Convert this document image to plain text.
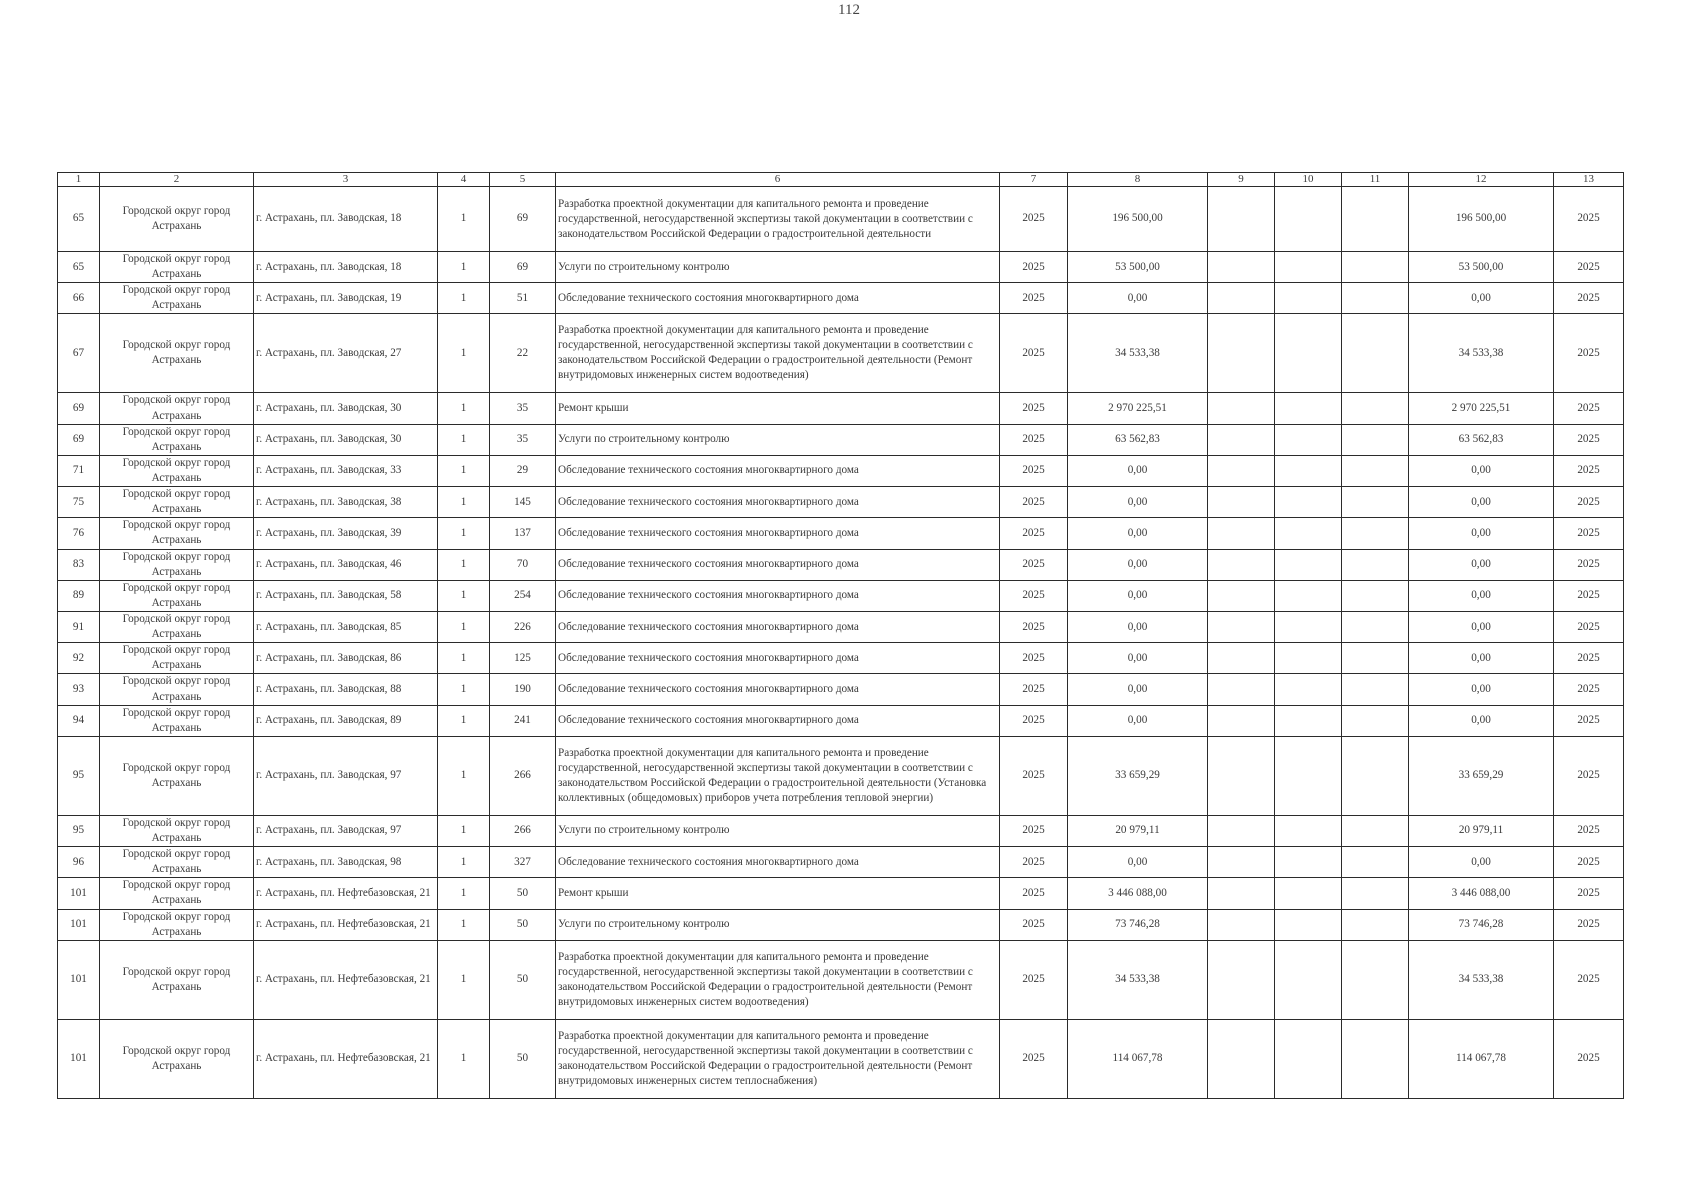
112
1	2	3	4	5	6	7	8	9	10	11	12	13
65	Городской округ город Астрахань	г. Астрахань, пл. Заводская, 18	1	69	Разработка проектной документации для капитального ремонта и проведение государственной, негосударственной экспертизы такой документации в соответствии с законодательством Российской Федерации о градостроительной деятельности	2025	196 500,00				196 500,00	2025
65	Городской округ город Астрахань	г. Астрахань, пл. Заводская, 18	1	69	Услуги по строительному контролю	2025	53 500,00				53 500,00	2025
66	Городской округ город Астрахань	г. Астрахань, пл. Заводская, 19	1	51	Обследование технического состояния многоквартирного дома	2025	0,00				0,00	2025
67	Городской округ город Астрахань	г. Астрахань, пл. Заводская, 27	1	22	Разработка проектной документации для капитального ремонта и проведение государственной, негосударственной экспертизы такой документации в соответствии с законодательством Российской Федерации о градостроительной деятельности (Ремонт внутридомовых инженерных систем водоотведения)	2025	34 533,38				34 533,38	2025
69	Городской округ город Астрахань	г. Астрахань, пл. Заводская, 30	1	35	Ремонт крыши	2025	2 970 225,51				2 970 225,51	2025
69	Городской округ город Астрахань	г. Астрахань, пл. Заводская, 30	1	35	Услуги по строительному контролю	2025	63 562,83				63 562,83	2025
71	Городской округ город Астрахань	г. Астрахань, пл. Заводская, 33	1	29	Обследование технического состояния многоквартирного дома	2025	0,00				0,00	2025
75	Городской округ город Астрахань	г. Астрахань, пл. Заводская, 38	1	145	Обследование технического состояния многоквартирного дома	2025	0,00				0,00	2025
76	Городской округ город Астрахань	г. Астрахань, пл. Заводская, 39	1	137	Обследование технического состояния многоквартирного дома	2025	0,00				0,00	2025
83	Городской округ город Астрахань	г. Астрахань, пл. Заводская, 46	1	70	Обследование технического состояния многоквартирного дома	2025	0,00				0,00	2025
89	Городской округ город Астрахань	г. Астрахань, пл. Заводская, 58	1	254	Обследование технического состояния многоквартирного дома	2025	0,00				0,00	2025
91	Городской округ город Астрахань	г. Астрахань, пл. Заводская, 85	1	226	Обследование технического состояния многоквартирного дома	2025	0,00				0,00	2025
92	Городской округ город Астрахань	г. Астрахань, пл. Заводская, 86	1	125	Обследование технического состояния многоквартирного дома	2025	0,00				0,00	2025
93	Городской округ город Астрахань	г. Астрахань, пл. Заводская, 88	1	190	Обследование технического состояния многоквартирного дома	2025	0,00				0,00	2025
94	Городской округ город Астрахань	г. Астрахань, пл. Заводская, 89	1	241	Обследование технического состояния многоквартирного дома	2025	0,00				0,00	2025
95	Городской округ город Астрахань	г. Астрахань, пл. Заводская, 97	1	266	Разработка проектной документации для капитального ремонта и проведение государственной, негосударственной экспертизы такой документации в соответствии с законодательством Российской Федерации о градостроительной деятельности (Установка коллективных (общедомовых) приборов учета потребления тепловой энергии)	2025	33 659,29				33 659,29	2025
95	Городской округ город Астрахань	г. Астрахань, пл. Заводская, 97	1	266	Услуги по строительному контролю	2025	20 979,11				20 979,11	2025
96	Городской округ город Астрахань	г. Астрахань, пл. Заводская, 98	1	327	Обследование технического состояния многоквартирного дома	2025	0,00				0,00	2025
101	Городской округ город Астрахань	г. Астрахань, пл. Нефтебазовская, 21	1	50	Ремонт крыши	2025	3 446 088,00				3 446 088,00	2025
101	Городской округ город Астрахань	г. Астрахань, пл. Нефтебазовская, 21	1	50	Услуги по строительному контролю	2025	73 746,28				73 746,28	2025
101	Городской округ город Астрахань	г. Астрахань, пл. Нефтебазовская, 21	1	50	Разработка проектной документации для капитального ремонта и проведение государственной, негосударственной экспертизы такой документации в соответствии с законодательством Российской Федерации о градостроительной деятельности (Ремонт внутридомовых инженерных систем водоотведения)	2025	34 533,38				34 533,38	2025
101	Городской округ город Астрахань	г. Астрахань, пл. Нефтебазовская, 21	1	50	Разработка проектной документации для капитального ремонта и проведение государственной, негосударственной экспертизы такой документации в соответствии с законодательством Российской Федерации о градостроительной деятельности (Ремонт внутридомовых инженерных систем теплоснабжения)	2025	114 067,78				114 067,78	2025
